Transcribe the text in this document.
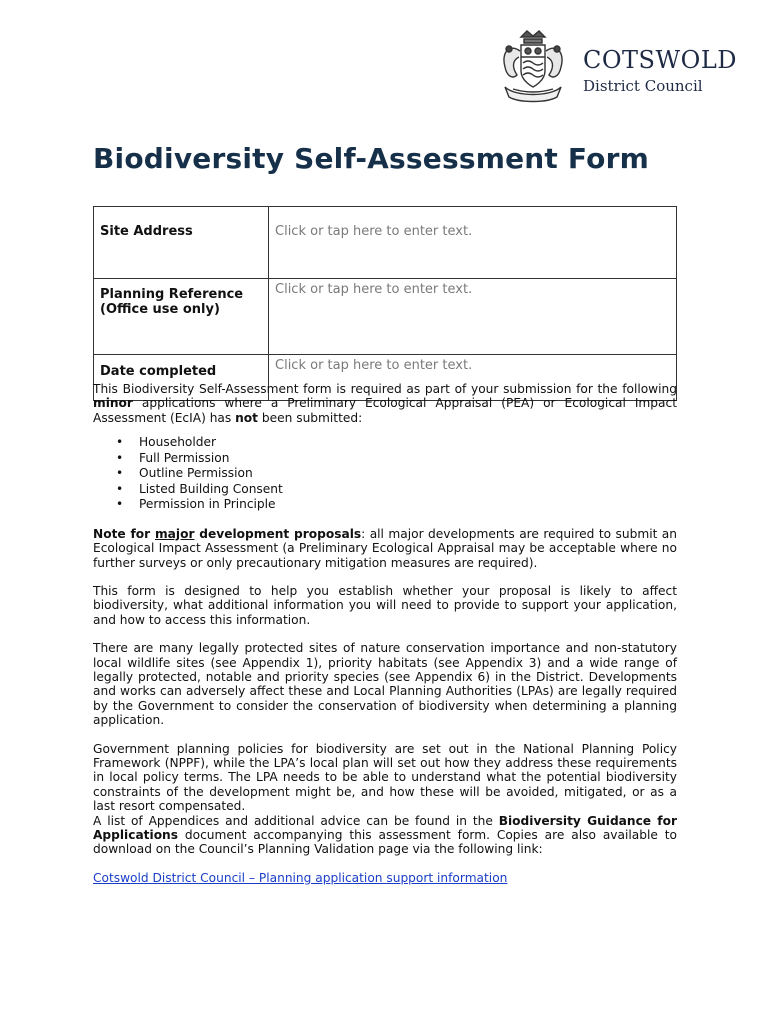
COTSWOLD
District Council
Biodiversity Self-Assessment Form
Site Address	Click or tap here to enter text.
Planning Reference (Office use only)	Click or tap here to enter text.
Date completed	Click or tap here to enter text.

This Biodiversity Self-Assessment form is required as part of your submission for the following minor applications where a Preliminary Ecological Appraisal (PEA) or Ecological Impact Assessment (EcIA) has not been submitted:

• Householder
• Full Permission
• Outline Permission
• Listed Building Consent
• Permission in Principle

Note for major development proposals: all major developments are required to submit an Ecological Impact Assessment (a Preliminary Ecological Appraisal may be acceptable where no further surveys or only precautionary mitigation measures are required).

This form is designed to help you establish whether your proposal is likely to affect biodiversity, what additional information you will need to provide to support your application, and how to access this information.

There are many legally protected sites of nature conservation importance and non-statutory local wildlife sites (see Appendix 1), priority habitats (see Appendix 3) and a wide range of legally protected, notable and priority species (see Appendix 6) in the District. Developments and works can adversely affect these and Local Planning Authorities (LPAs) are legally required by the Government to consider the conservation of biodiversity when determining a planning application.

Government planning policies for biodiversity are set out in the National Planning Policy Framework (NPPF), while the LPA’s local plan will set out how they address these requirements in local policy terms. The LPA needs to be able to understand what the potential biodiversity constraints of the development might be, and how these will be avoided, mitigated, or as a last resort compensated.

A list of Appendices and additional advice can be found in the Biodiversity Guidance for Applications document accompanying this assessment form. Copies are also available to download on the Council’s Planning Validation page via the following link:

Cotswold District Council – Planning application support information
